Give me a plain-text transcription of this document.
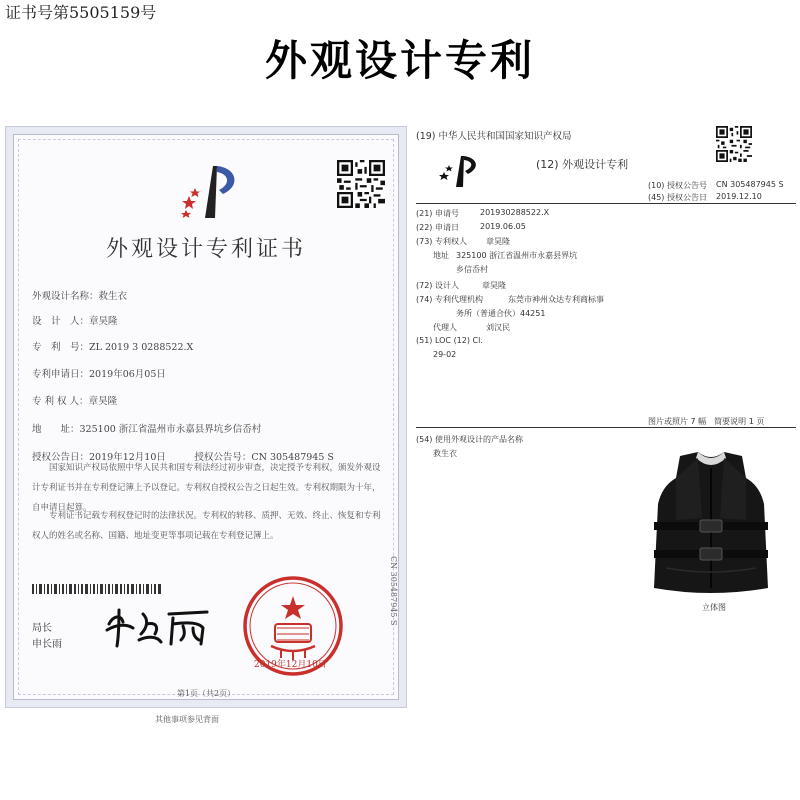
外观设计专利
证书号第5505159号
外观设计专利证书
外观设计名称：救生衣
设　计　人：章昊隆
专　利　号：ZL 2019 3 0288522.X
专利申请日：2019年06月05日
专 利 权 人：章昊隆
地　　址：325100 浙江省温州市永嘉县界坑乡信岙村
授权公告日：2019年12月10日　　　授权公告号：CN 305487945 S

国家知识产权局依照中华人民共和国专利法经过初步审查，决定授予专利权，颁发外观设计专利证书并在专利登记簿上予以登记。专利权自授权公告之日起生效。专利权期限为十年，自申请日起算。

专利证书记载专利权登记时的法律状况。专利权的转移、质押、无效、终止、恢复和专利权人的姓名或名称、国籍、地址变更等事项记载在专利登记簿上。

CN 305487945 S
局长
申长雨
2019年12月10日
第1页（共2页）
其他事项参见背面
(19) 中华人民共和国国家知识产权局
(12) 外观设计专利
(10) 授权公告号 CN 305487945 S
(45) 授权公告日 2019.12.10
(21) 申请号	201930288522.X
(22) 申请日	2019.06.05
(73) 专利权人 章昊隆
地址 325100 浙江省温州市永嘉县界坑
乡信岙村
(72) 设计人	章昊隆
(74) 专利代理机构	东莞市神州众达专利商标事
务所（普通合伙）44251
代理人	刘汉民
(51) LOC (12) Cl.
29-02
图片或照片 7 幅　简要说明 1 页
(54) 使用外观设计的产品名称
救生衣
立体图
